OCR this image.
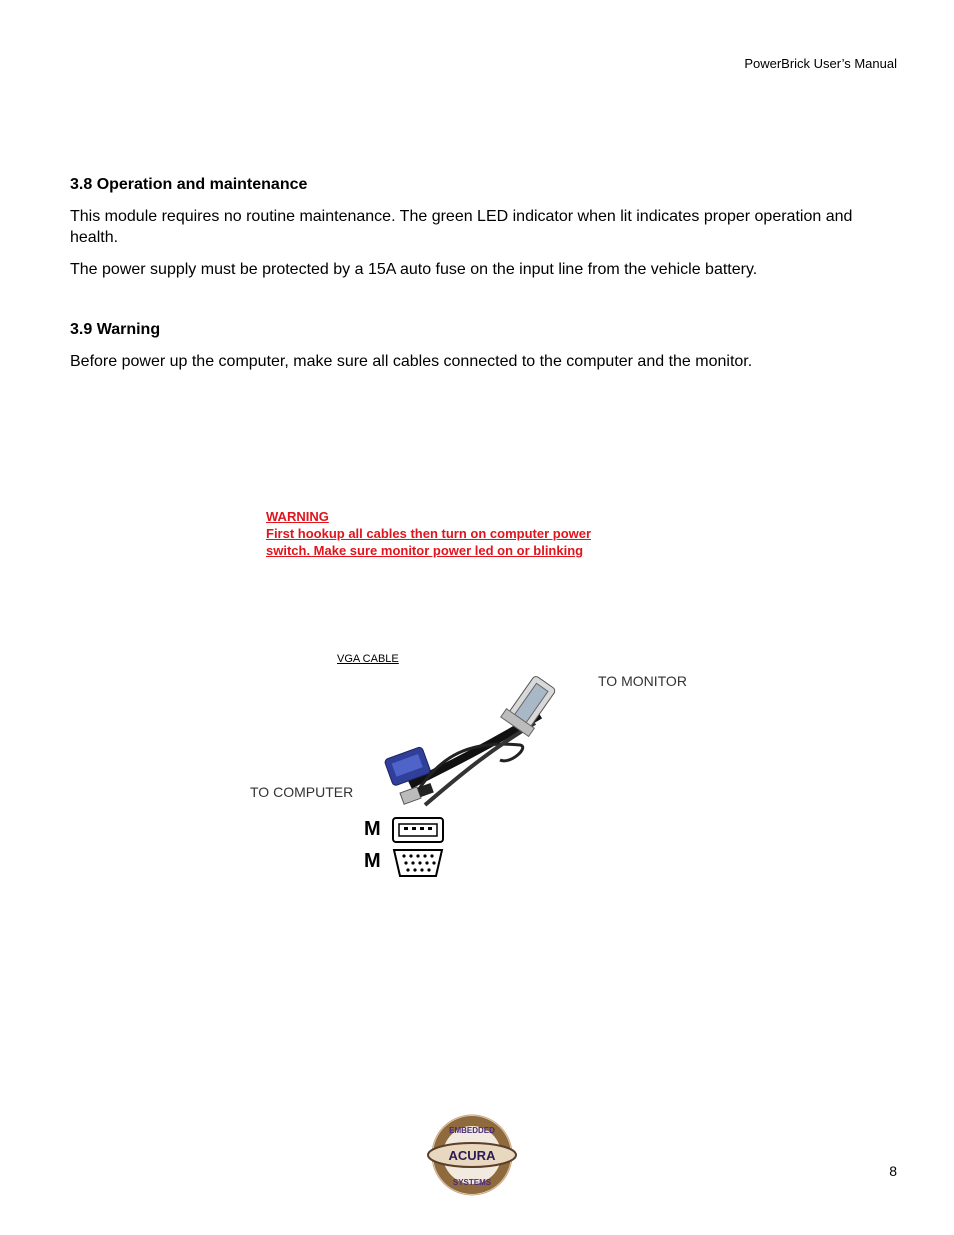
PowerBrick User’s Manual
3.8 Operation and maintenance

This module requires no routine maintenance. The green LED indicator when lit indicates proper operation and health.

The power supply must be protected by a 15A auto fuse on the input line from the vehicle battery.

3.9 Warning

Before power up the computer, make sure all cables connected to the computer and the monitor.

WARNING
First hookup all cables then turn on computer power
switch. Make sure monitor power led on or blinking
VGA CABLE
TO MONITOR
TO COMPUTER
M
M
ACURA
EMBEDDED
SYSTEMS
8
